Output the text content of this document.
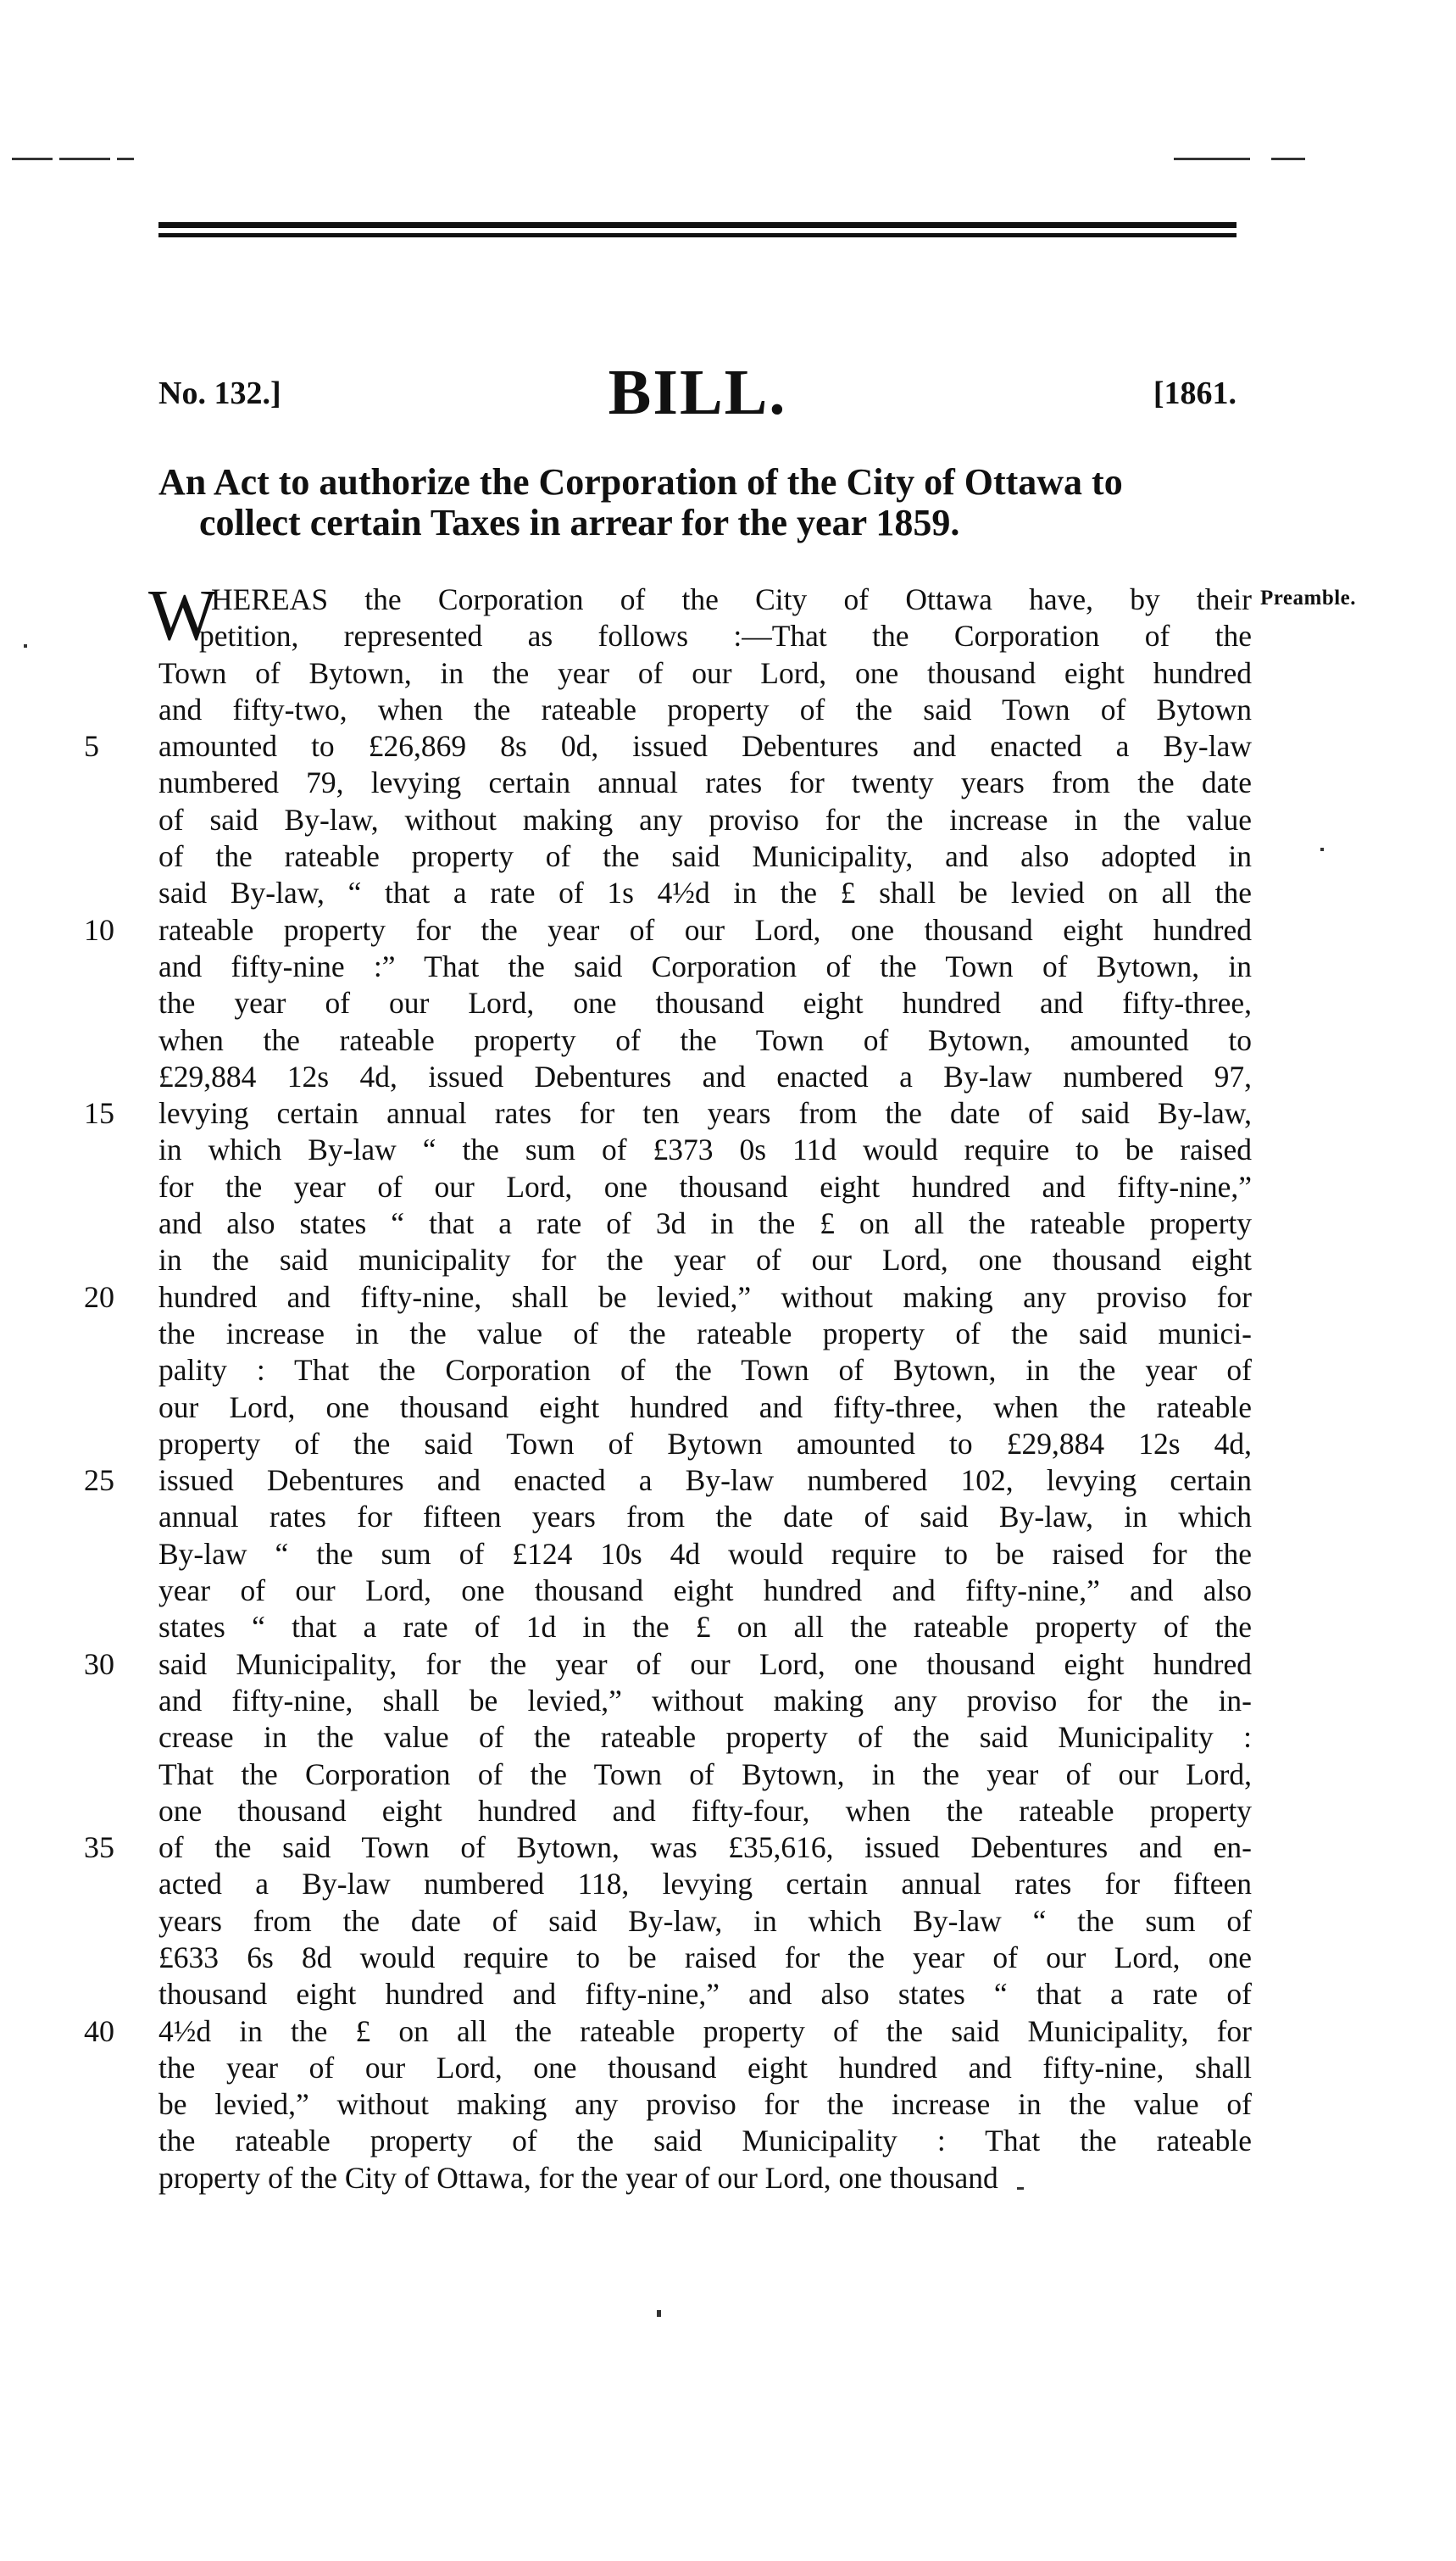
BILL.
No. 132.]	[1861.
An Act to authorize the Corporation of the City of Ottawa to
collect certain Taxes in arrear for the year 1859.
Preamble.
W
HEREAS the Corporation of the City of Ottawa have, by their
petition, represented as follows :—That the Corporation of the
Town of Bytown, in the year of our Lord, one thousand eight hundred
and fifty-two, when the rateable property of the said Town of Bytown
5	amounted to £26,869 8s 0d, issued Debentures and enacted a By-law
numbered 79, levying certain annual rates for twenty years from the date
of said By-law, without making any proviso for the increase in the value
of the rateable property of the said Municipality, and also adopted in
said By-law, “ that a rate of 1s 4½d in the £ shall be levied on all the
10	rateable property for the year of our Lord, one thousand eight hundred
and fifty-nine :” That the said Corporation of the Town of Bytown, in
the year of our Lord, one thousand eight hundred and fifty-three,
when the rateable property of the Town of Bytown, amounted to
£29,884 12s 4d, issued Debentures and enacted a By-law numbered 97,
15	levying certain annual rates for ten years from the date of said By-law,
in which By-law “ the sum of £373 0s 11d would require to be raised
for the year of our Lord, one thousand eight hundred and fifty-nine,”
and also states “ that a rate of 3d in the £ on all the rateable property
in the said municipality for the year of our Lord, one thousand eight
20	hundred and fifty-nine, shall be levied,” without making any proviso for
the increase in the value of the rateable property of the said munici-
pality : That the Corporation of the Town of Bytown, in the year of
our Lord, one thousand eight hundred and fifty-three, when the rateable
property of the said Town of Bytown amounted to £29,884 12s 4d,
25	issued Debentures and enacted a By-law numbered 102, levying certain
annual rates for fifteen years from the date of said By-law, in which
By-law “ the sum of £124 10s 4d would require to be raised for the
year of our Lord, one thousand eight hundred and fifty-nine,” and also
states “ that a rate of 1d in the £ on all the rateable property of the
30	said Municipality, for the year of our Lord, one thousand eight hundred
and fifty-nine, shall be levied,” without making any proviso for the in-
crease in the value of the rateable property of the said Municipality :
That the Corporation of the Town of Bytown, in the year of our Lord,
one thousand eight hundred and fifty-four, when the rateable property
35	of the said Town of Bytown, was £35,616, issued Debentures and en-
acted a By-law numbered 118, levying certain annual rates for fifteen
years from the date of said By-law, in which By-law “ the sum of
£633 6s 8d would require to be raised for the year of our Lord, one
thousand eight hundred and fifty-nine,” and also states “ that a rate of
40	4½d in the £ on all the rateable property of the said Municipality, for
the year of our Lord, one thousand eight hundred and fifty-nine, shall
be levied,” without making any proviso for the increase in the value of
the rateable property of the said Municipality : That the rateable
property of the City of Ottawa, for the year of our Lord, one thousand
